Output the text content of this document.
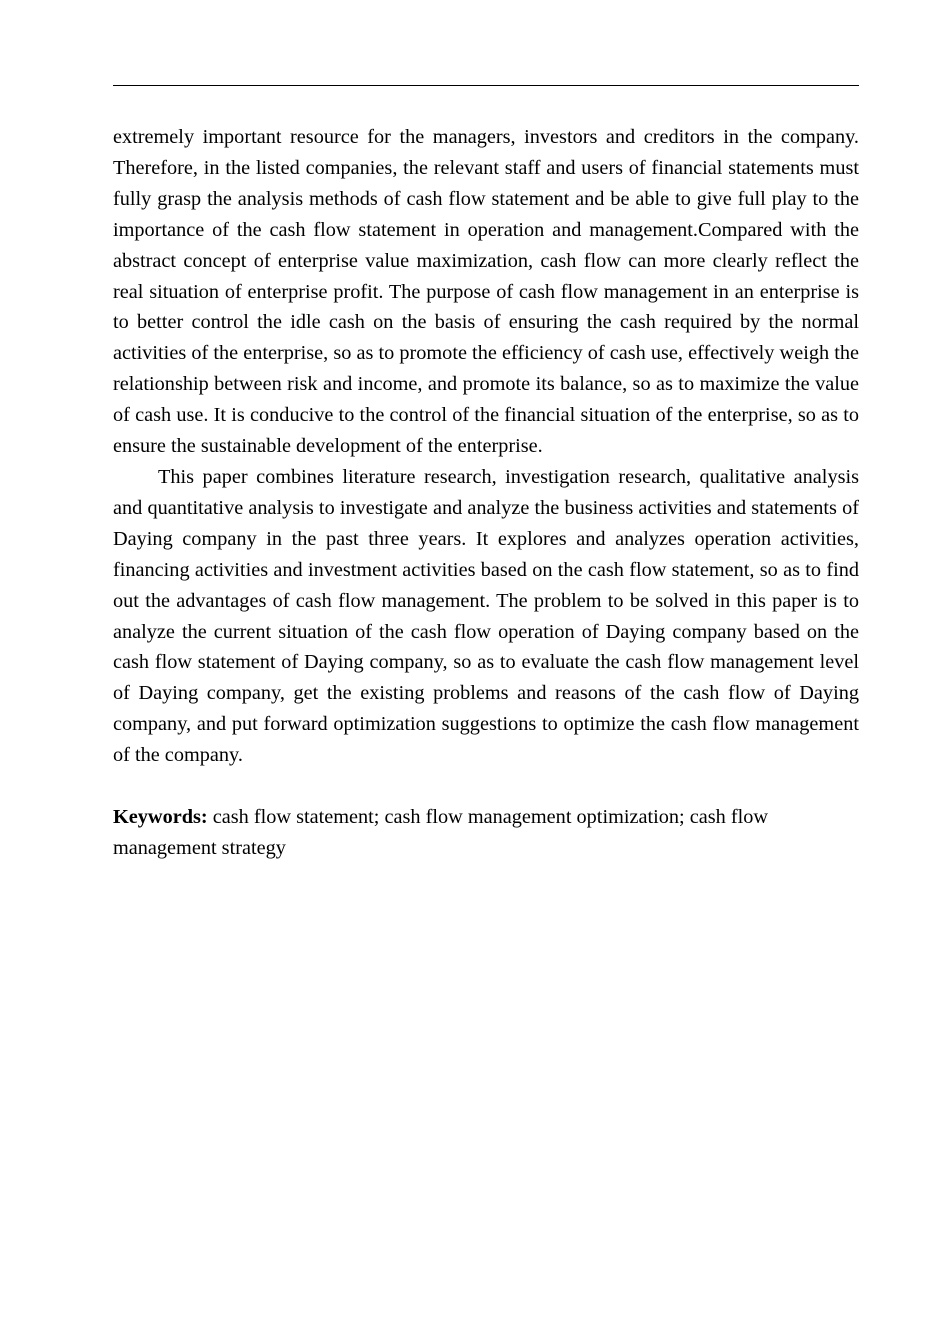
extremely important resource for the managers, investors and creditors in the company. Therefore, in the listed companies, the relevant staff and users of financial statements must fully grasp the analysis methods of cash flow statement and be able to give full play to the importance of the cash flow statement in operation and management.Compared with the abstract concept of enterprise value maximization, cash flow can more clearly reflect the real situation of enterprise profit. The purpose of cash flow management in an enterprise is to better control the idle cash on the basis of ensuring the cash required by the normal activities of the enterprise, so as to promote the efficiency of cash use, effectively weigh the relationship between risk and income, and promote its balance, so as to maximize the value of cash use. It is conducive to the control of the financial situation of the enterprise, so as to ensure the sustainable development of the enterprise.

This paper combines literature research, investigation research, qualitative analysis and quantitative analysis to investigate and analyze the business activities and statements of Daying company in the past three years. It explores and analyzes operation activities, financing activities and investment activities based on the cash flow statement, so as to find out the advantages of cash flow management. The problem to be solved in this paper is to analyze the current situation of the cash flow operation of Daying company based on the cash flow statement of Daying company, so as to evaluate the cash flow management level of Daying company, get the existing problems and reasons of the cash flow of Daying company, and put forward optimization suggestions to optimize the cash flow management of the company.

Keywords: cash flow statement; cash flow management optimization; cash flow management strategy
